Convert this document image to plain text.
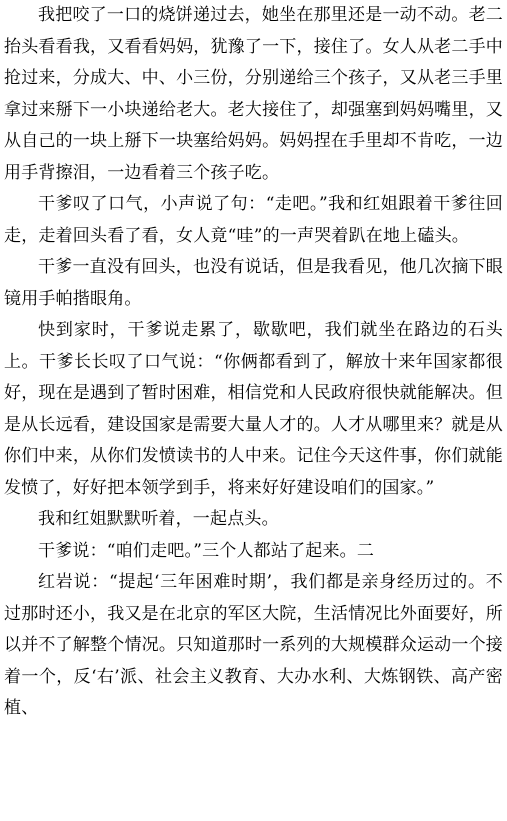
我把咬了一口的烧饼递过去，她坐在那里还是一动不动。老二抬头看看我，又看看妈妈，犹豫了一下，接住了。女人从老二手中抢过来，分成大、中、小三份，分别递给三个孩子，又从老三手里拿过来掰下一小块递给老大。老大接住了，却强塞到妈妈嘴里，又从自己的一块上掰下一块塞给妈妈。妈妈捏在手里却不肯吃，一边用手背擦泪，一边看着三个孩子吃。

干爹叹了口气，小声说了句：“走吧。”我和红姐跟着干爹往回走，走着回头看了看，女人竟“哇”的一声哭着趴在地上磕头。

干爹一直没有回头，也没有说话，但是我看见，他几次摘下眼镜用手帕揩眼角。

快到家时，干爹说走累了，歇歇吧，我们就坐在路边的石头上。干爹长长叹了口气说：“你俩都看到了，解放十来年国家都很好，现在是遇到了暂时困难，相信党和人民政府很快就能解决。但是从长远看，建设国家是需要大量人才的。人才从哪里来？就是从你们中来，从你们发愤读书的人中来。记住今天这件事，你们就能发愤了，好好把本领学到手，将来好好建设咱们的国家。”

我和红姐默默听着，一起点头。

干爹说：“咱们走吧。”三个人都站了起来。二

红岩说：“提起‘三年困难时期’，我们都是亲身经历过的。不过那时还小，我又是在北京的军区大院，生活情况比外面要好，所以并不了解整个情况。只知道那时一系列的大规模群众运动一个接着一个，反‘右’派、社会主义教育、大办水利、大炼钢铁、高产密植、
